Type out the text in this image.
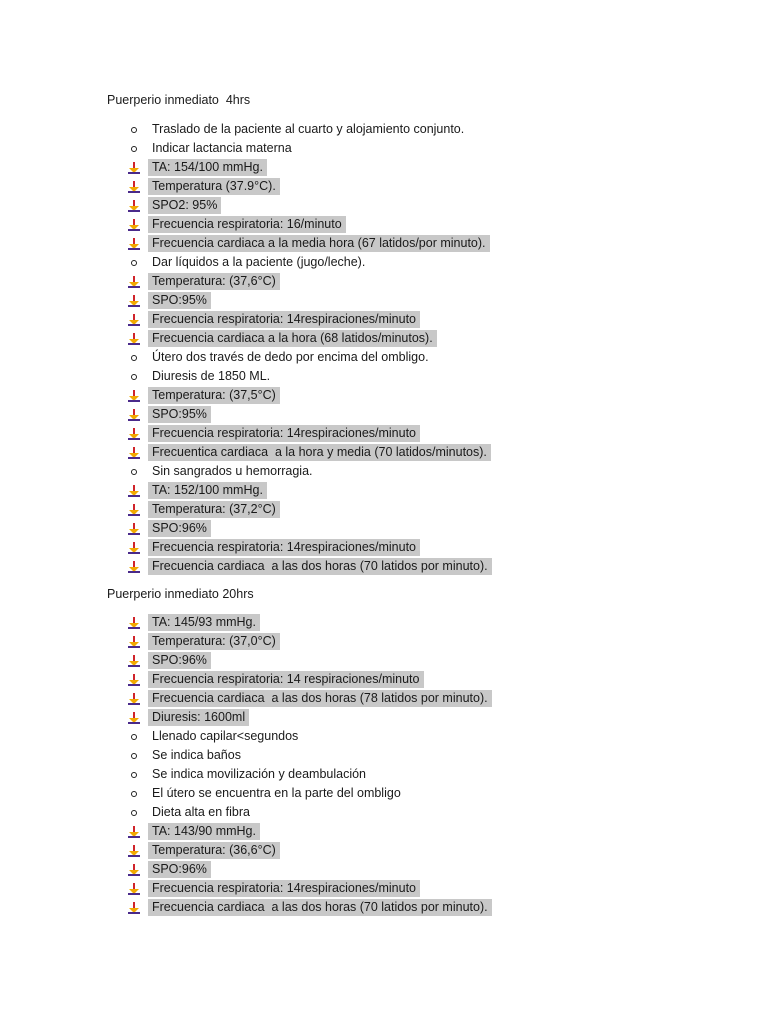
Puerperio inmediato  4hrs
Traslado de la paciente al cuarto y alojamiento conjunto.
Indicar lactancia materna
TA: 154/100 mmHg.
Temperatura (37.9°C).
SPO2: 95%
Frecuencia respiratoria: 16/minuto
Frecuencia cardiaca a la media hora (67 latidos/por minuto).
Dar líquidos a la paciente (jugo/leche).
Temperatura: (37,6°C)
SPO:95%
Frecuencia respiratoria: 14respiraciones/minuto
Frecuencia cardiaca a la hora (68 latidos/minutos).
Útero dos través de dedo por encima del ombligo.
Diuresis de 1850 ML.
Temperatura: (37,5°C)
SPO:95%
Frecuencia respiratoria: 14respiraciones/minuto
Frecuentica cardiaca  a la hora y media (70 latidos/minutos).
Sin sangrados u hemorragia.
TA: 152/100 mmHg.
Temperatura: (37,2°C)
SPO:96%
Frecuencia respiratoria: 14respiraciones/minuto
Frecuencia cardiaca  a las dos horas (70 latidos por minuto).
Puerperio inmediato 20hrs
TA: 145/93 mmHg.
Temperatura: (37,0°C)
SPO:96%
Frecuencia respiratoria: 14 respiraciones/minuto
Frecuencia cardiaca  a las dos horas (78 latidos por minuto).
Diuresis: 1600ml
Llenado capilar<segundos
Se indica baños
Se indica movilización y deambulación
El útero se encuentra en la parte del ombligo
Dieta alta en fibra
TA: 143/90 mmHg.
Temperatura: (36,6°C)
SPO:96%
Frecuencia respiratoria: 14respiraciones/minuto
Frecuencia cardiaca  a las dos horas (70 latidos por minuto).
